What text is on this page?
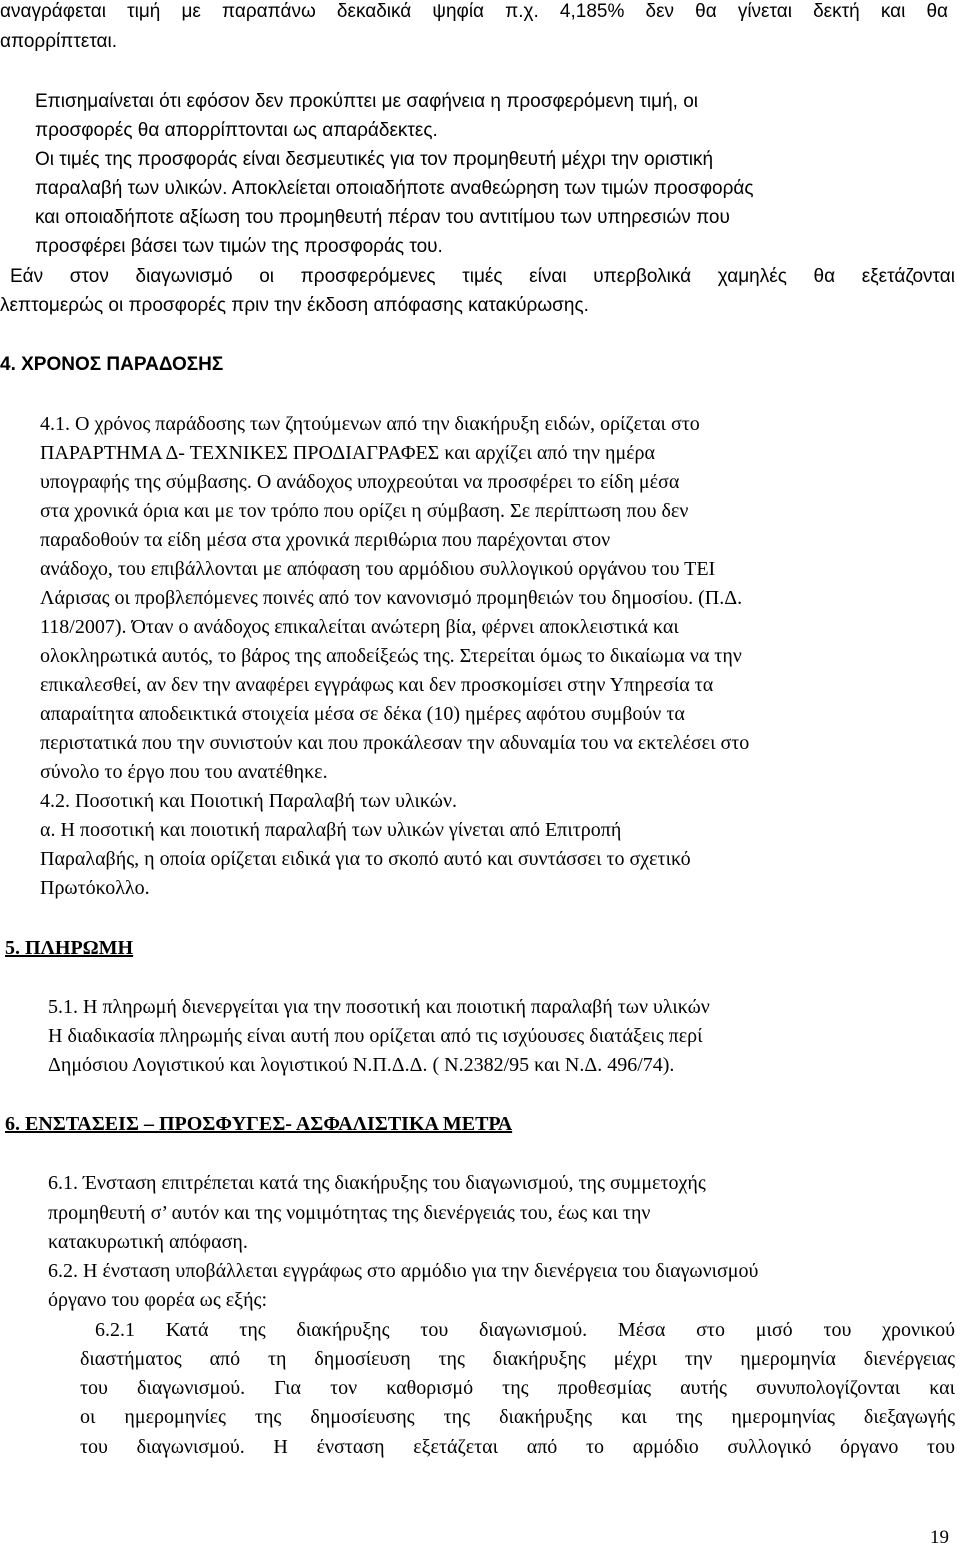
αναγράφεται τιμή με παραπάνω δεκαδικά ψηφία π.χ. 4,185% δεν θα γίνεται δεκτή και θα
απορρίπτεται.
Επισημαίνεται ότι εφόσον δεν προκύπτει με σαφήνεια η προσφερόμενη τιμή, οι
προσφορές θα απορρίπτονται ως απαράδεκτες.
Οι τιμές της προσφοράς είναι δεσμευτικές για τον προμηθευτή μέχρι την οριστική
παραλαβή των υλικών. Αποκλείεται οποιαδήποτε αναθεώρηση των τιμών προσφοράς
και οποιαδήποτε αξίωση του προμηθευτή πέραν του αντιτίμου των υπηρεσιών που
προσφέρει βάσει των τιμών της προσφοράς του.
Εάν στον διαγωνισμό οι προσφερόμενες τιμές είναι υπερβολικά χαμηλές θα εξετάζονται
λεπτομερώς οι προσφορές πριν την έκδοση απόφασης κατακύρωσης.
4. ΧΡΟΝΟΣ ΠΑΡΑΔΟΣΗΣ
4.1. Ο χρόνος παράδοσης των ζητούμενων από την διακήρυξη ειδών, ορίζεται στο
ΠΑΡΑΡΤΗΜΑ Δ- ΤΕΧΝΙΚΕΣ ΠΡΟΔΙΑΓΡΑΦΕΣ και αρχίζει από την ημέρα
υπογραφής της σύμβασης. Ο ανάδοχος υποχρεούται να προσφέρει το είδη μέσα
στα χρονικά όρια και με τον τρόπο που ορίζει η σύμβαση. Σε περίπτωση που δεν
παραδοθούν τα είδη μέσα στα χρονικά περιθώρια που παρέχονται στον
ανάδοχο, του επιβάλλονται με απόφαση του αρμόδιου συλλογικού οργάνου του ΤΕΙ
Λάρισας οι προβλεπόμενες ποινές από τον κανονισμό προμηθειών του δημοσίου. (Π.Δ.
118/2007). Όταν ο ανάδοχος επικαλείται ανώτερη βία, φέρνει αποκλειστικά και
ολοκληρωτικά αυτός, το βάρος της αποδείξεώς της. Στερείται όμως το δικαίωμα να την
επικαλεσθεί, αν δεν την αναφέρει εγγράφως και δεν προσκομίσει στην Υπηρεσία τα
απαραίτητα αποδεικτικά στοιχεία μέσα σε δέκα (10) ημέρες αφότου συμβούν τα
περιστατικά που την συνιστούν και που προκάλεσαν την αδυναμία του να εκτελέσει στο
σύνολο το έργο που του ανατέθηκε.
4.2. Ποσοτική και Ποιοτική Παραλαβή των υλικών.
α. Η ποσοτική και ποιοτική παραλαβή των υλικών γίνεται από Επιτροπή
Παραλαβής, η οποία ορίζεται ειδικά για το σκοπό αυτό και συντάσσει το σχετικό
Πρωτόκολλο.
5. ΠΛΗΡΩΜΗ
5.1. Η πληρωμή διενεργείται για την ποσοτική και ποιοτική παραλαβή των υλικών
Η διαδικασία πληρωμής είναι αυτή που ορίζεται από τις ισχύουσες διατάξεις περί
Δημόσιου Λογιστικού και λογιστικού Ν.Π.Δ.Δ. ( Ν.2382/95 και Ν.Δ. 496/74).
6. ΕΝΣΤΑΣΕΙΣ – ΠΡΟΣΦΥΓΕΣ- ΑΣΦΑΛΙΣΤΙΚΑ ΜΕΤΡΑ
6.1. Ένσταση επιτρέπεται κατά της διακήρυξης του διαγωνισμού, της συμμετοχής
προμηθευτή σ’ αυτόν και της νομιμότητας της διενέργειάς του, έως και την
κατακυρωτική απόφαση.
6.2. Η ένσταση υποβάλλεται εγγράφως στο αρμόδιο για την διενέργεια του διαγωνισμού
όργανο του φορέα ως εξής:
6.2.1 Κατά της διακήρυξης του διαγωνισμού. Μέσα στο μισό του χρονικού
διαστήματος από τη δημοσίευση της διακήρυξης μέχρι την ημερομηνία διενέργειας
του διαγωνισμού. Για τον καθορισμό της προθεσμίας αυτής συνυπολογίζονται και
οι ημερομηνίες της δημοσίευσης της διακήρυξης και της ημερομηνίας διεξαγωγής
του διαγωνισμού. Η ένσταση εξετάζεται από το αρμόδιο συλλογικό όργανο του
19
